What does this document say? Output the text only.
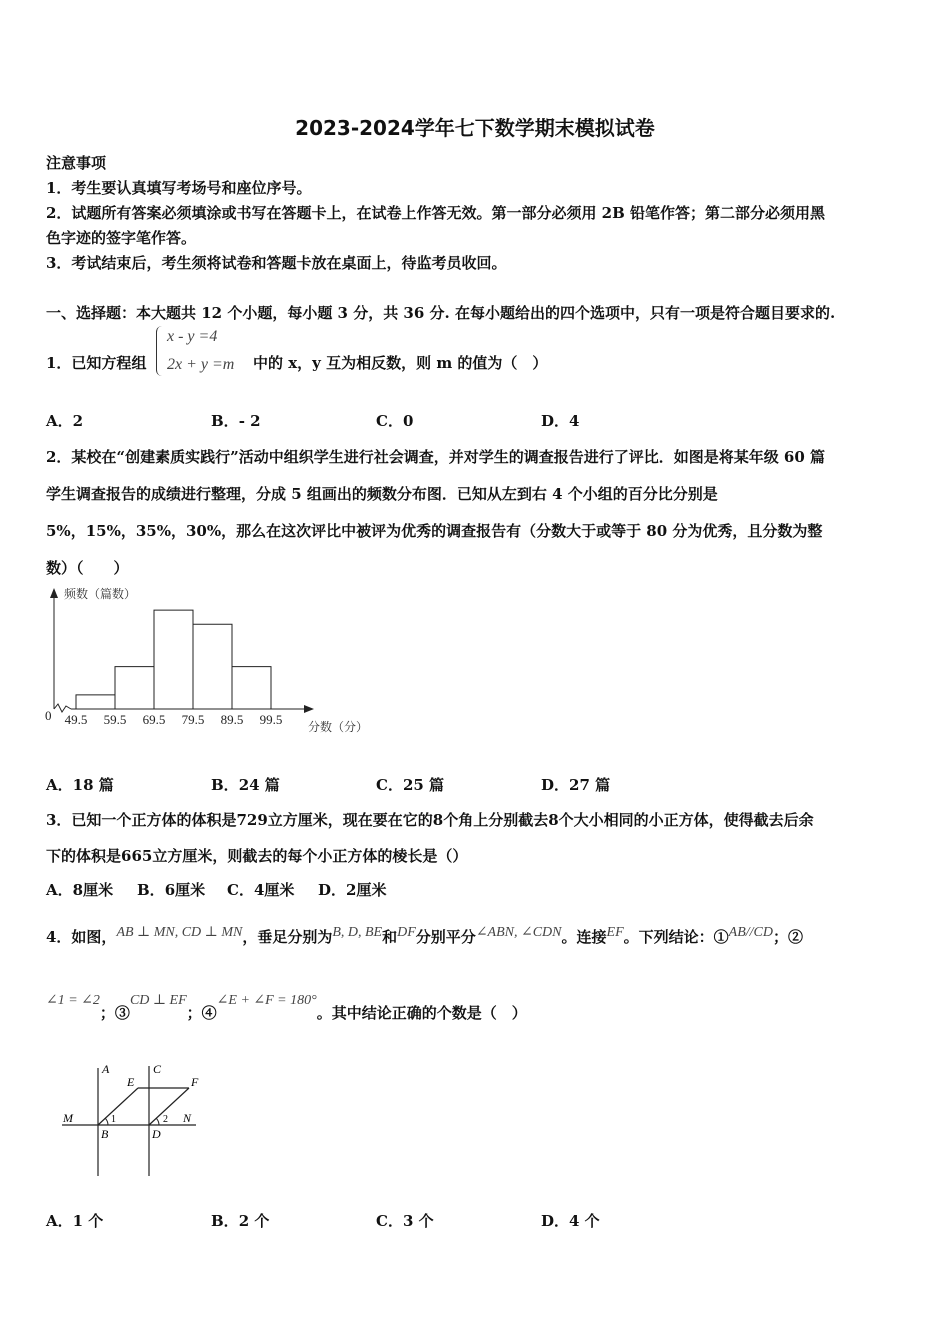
2023-2024学年七下数学期末模拟试卷
注意事项
1．考生要认真填写考场号和座位序号。
2．试题所有答案必须填涂或书写在答题卡上，在试卷上作答无效。第一部分必须用 2B 铅笔作答；第二部分必须用黑
色字迹的签字笔作答。
3．考试结束后，考生须将试卷和答题卡放在桌面上，待监考员收回。
一、选择题：本大题共 12 个小题，每小题 3 分，共 36 分. 在每小题给出的四个选项中，只有一项是符合题目要求的.
1．已知方程组
x - y =4
2x + y =m 中的 x，y 互为相反数，则 m 的值为（　）
A．2	B．- 2	C．0	D．4
2．某校在“创建素质实践行”活动中组织学生进行社会调查，并对学生的调查报告进行了评比．如图是将某年级 60 篇
学生调查报告的成绩进行整理，分成 5 组画出的频数分布图．已知从左到右 4 个小组的百分比分别是
5%，15%，35%，30%，那么在这次评比中被评为优秀的调查报告有（分数大于或等于 80 分为优秀，且分数为整
数）（　　）
49.5 59.5 69.5 79.5 89.5 99.5
频数（篇数）
分数（分）
0
A．18 篇	B．24 篇	C．25 篇	D．27 篇
3．已知一个正方体的体积是729立方厘米，现在要在它的8个角上分别截去8个大小相同的小正方体，使得截去后余
下的体积是665立方厘米，则截去的每个小正方体的棱长是（）
A．8厘米 B．6厘米 C．4厘米 D．2厘米
4．如图，AB ⊥ MN, CD ⊥ MN，垂足分别为B, D, BE和DF分别平分∠ABN, ∠CDN。连接EF。下列结论：①AB//CD；②
∠1 = ∠2；③CD ⊥ EF；④∠E + ∠F = 180°。其中结论正确的个数是（　）
A	C
E	F
M	N
B	D
1	2
A．1 个	B．2 个	C．3 个	D．4 个
